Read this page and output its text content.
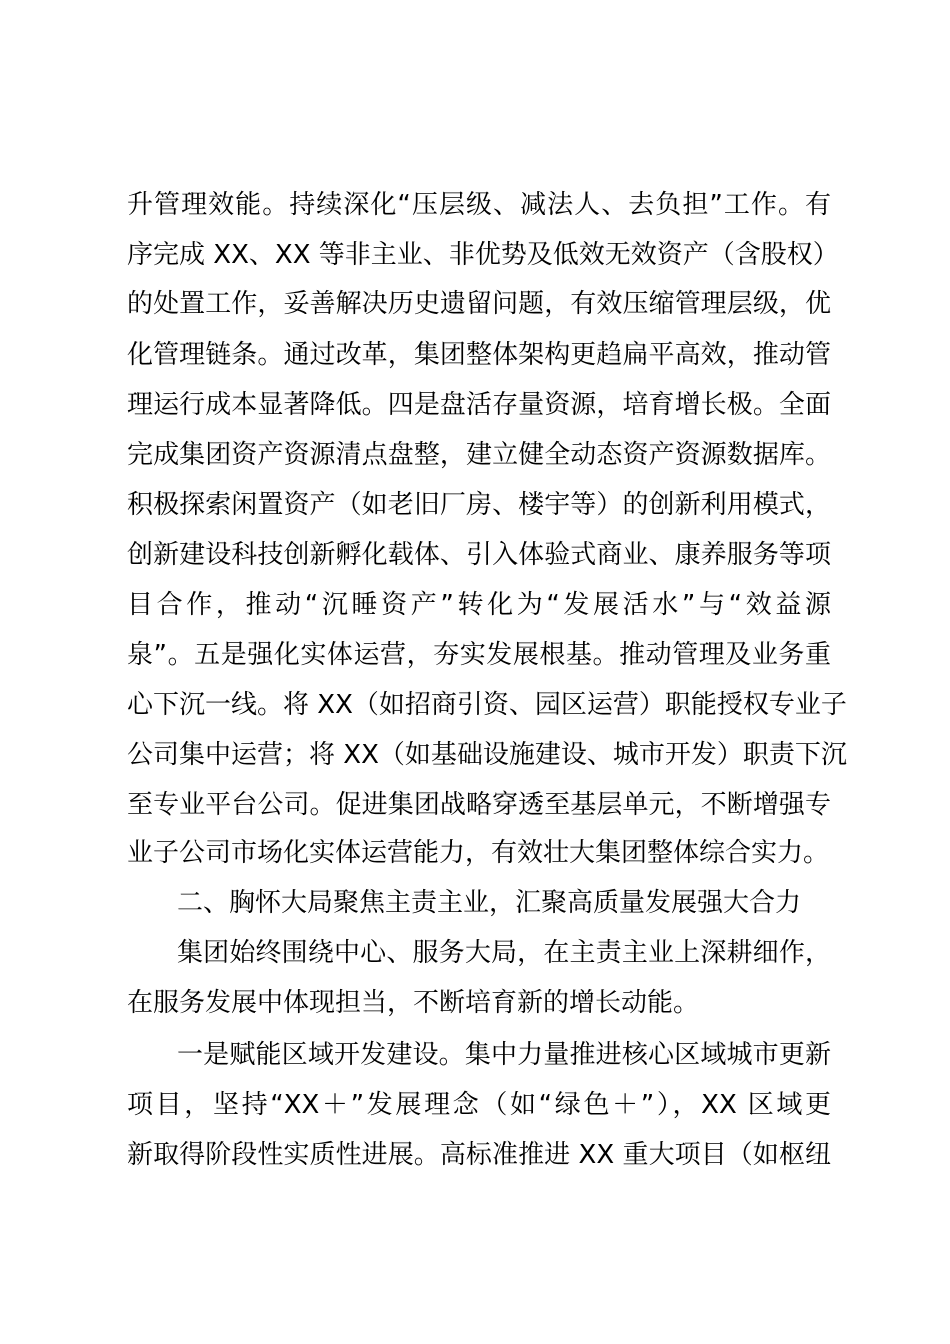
升管理效能。持续深化“压层级、减法人、去负担”工作。有
序完成 XX、XX 等非主业、非优势及低效无效资产（含股权）
的处置工作，妥善解决历史遗留问题，有效压缩管理层级，优
化管理链条。通过改革，集团整体架构更趋扁平高效，推动管
理运行成本显著降低。四是盘活存量资源，培育增长极。全面
完成集团资产资源清点盘整，建立健全动态资产资源数据库。
积极探索闲置资产（如老旧厂房、楼宇等）的创新利用模式，
创新建设科技创新孵化载体、引入体验式商业、康养服务等项
目合作，推动“沉睡资产”转化为“发展活水”与“效益源
泉”。五是强化实体运营，夯实发展根基。推动管理及业务重
心下沉一线。将 XX（如招商引资、园区运营）职能授权专业子
公司集中运营；将 XX（如基础设施建设、城市开发）职责下沉
至专业平台公司。促进集团战略穿透至基层单元，不断增强专
业子公司市场化实体运营能力，有效壮大集团整体综合实力。
二、胸怀大局聚焦主责主业，汇聚高质量发展强大合力
集团始终围绕中心、服务大局，在主责主业上深耕细作，
在服务发展中体现担当，不断培育新的增长动能。
一是赋能区域开发建设。集中力量推进核心区域城市更新
项目，坚持“XX＋”发展理念（如“绿色＋”），XX 区域更
新取得阶段性实质性进展。高标准推进 XX 重大项目（如枢纽
